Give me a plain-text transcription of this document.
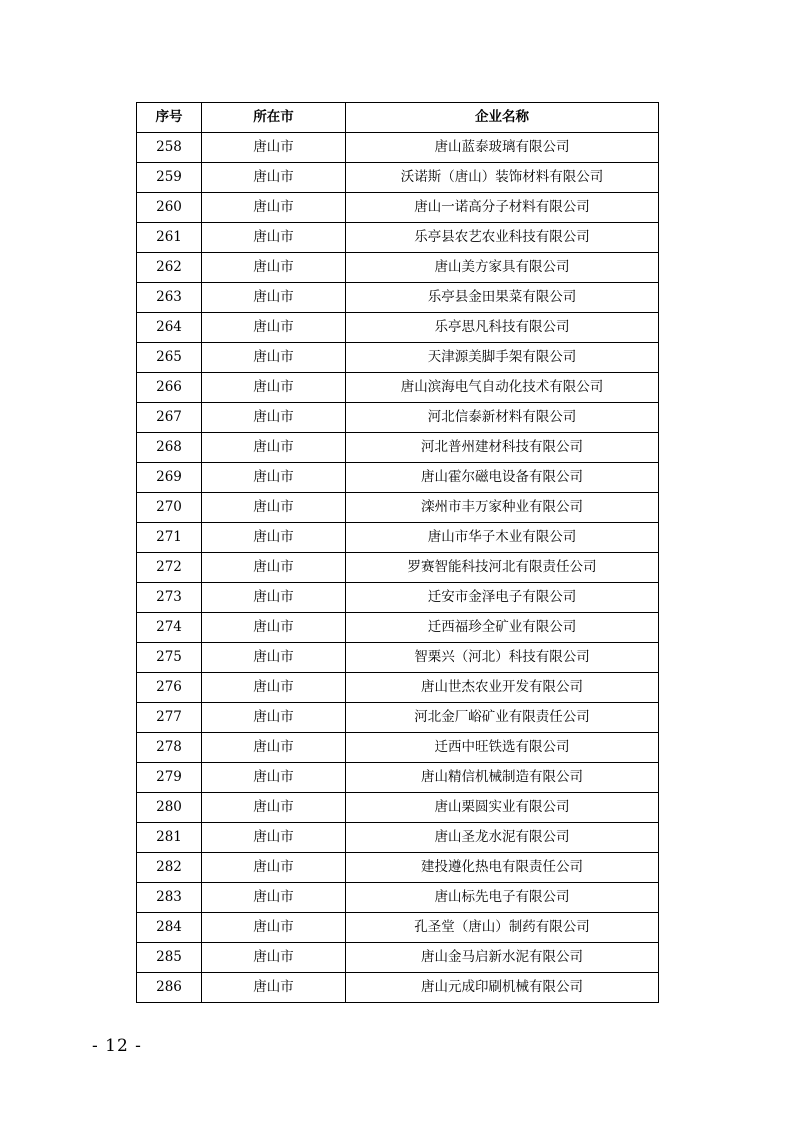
序号	所在市	企业名称
258	唐山市	唐山蓝泰玻璃有限公司
259	唐山市	沃诺斯（唐山）装饰材料有限公司
260	唐山市	唐山一诺高分子材料有限公司
261	唐山市	乐亭县农艺农业科技有限公司
262	唐山市	唐山美方家具有限公司
263	唐山市	乐亭县金田果菜有限公司
264	唐山市	乐亭思凡科技有限公司
265	唐山市	天津源美脚手架有限公司
266	唐山市	唐山滨海电气自动化技术有限公司
267	唐山市	河北信泰新材料有限公司
268	唐山市	河北普州建材科技有限公司
269	唐山市	唐山霍尔磁电设备有限公司
270	唐山市	滦州市丰万家种业有限公司
271	唐山市	唐山市华子木业有限公司
272	唐山市	罗赛智能科技河北有限责任公司
273	唐山市	迁安市金泽电子有限公司
274	唐山市	迁西福珍全矿业有限公司
275	唐山市	智栗兴（河北）科技有限公司
276	唐山市	唐山世杰农业开发有限公司
277	唐山市	河北金厂峪矿业有限责任公司
278	唐山市	迁西中旺铁选有限公司
279	唐山市	唐山精信机械制造有限公司
280	唐山市	唐山栗圆实业有限公司
281	唐山市	唐山圣龙水泥有限公司
282	唐山市	建投遵化热电有限责任公司
283	唐山市	唐山标先电子有限公司
284	唐山市	孔圣堂（唐山）制药有限公司
285	唐山市	唐山金马启新水泥有限公司
286	唐山市	唐山元成印刷机械有限公司
- 12 -
